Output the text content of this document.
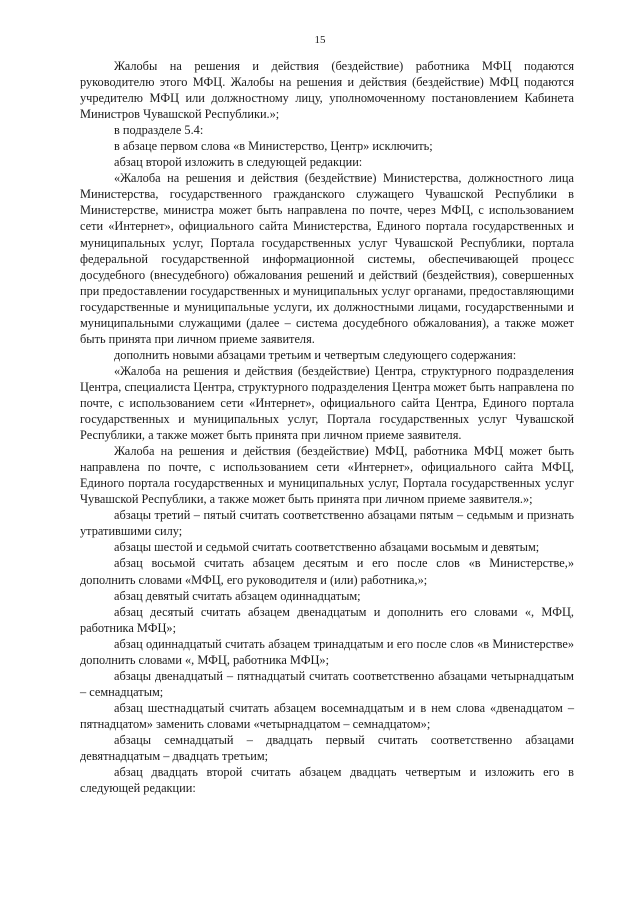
15

Жалобы на решения и действия (бездействие) работника МФЦ подаются руководителю этого МФЦ. Жалобы на решения и действия (бездействие) МФЦ подаются учредителю МФЦ или должностному лицу, уполномоченному постановлением Кабинета Министров Чувашской Республики.»;

в подразделе 5.4:

в абзаце первом слова «в Министерство, Центр» исключить;

абзац второй изложить в следующей редакции:

«Жалоба на решения и действия (бездействие) Министерства, должностного лица Министерства, государственного гражданского служащего Чувашской Республики в Министерстве, министра может быть направлена по почте, через МФЦ, с использованием сети «Интернет», официального сайта Министерства, Единого портала государственных и муниципальных услуг, Портала государственных услуг Чувашской Республики, портала федеральной государственной информационной системы, обеспечивающей процесс досудебного (внесудебного) обжалования решений и действий (бездействия), совершенных при предоставлении государственных и муниципальных услуг органами, предоставляющими государственные и муниципальные услуги, их должностными лицами, государственными и муниципальными служащими (далее – система досудебного обжалования), а также может быть принята при личном приеме заявителя.

дополнить новыми абзацами третьим и четвертым следующего содержания:

«Жалоба на решения и действия (бездействие) Центра, структурного подразделения Центра, специалиста Центра, структурного подразделения Центра может быть направлена по почте, с использованием сети «Интернет», официального сайта Центра, Единого портала государственных и муниципальных услуг, Портала государственных услуг Чувашской Республики, а также может быть принята при личном приеме заявителя.

Жалоба на решения и действия (бездействие) МФЦ, работника МФЦ может быть направлена по почте, с использованием сети «Интернет», официального сайта МФЦ, Единого портала государственных и муниципальных услуг, Портала государственных услуг Чувашской Республики, а также может быть принята при личном приеме заявителя.»;

абзацы третий – пятый считать соответственно абзацами пятым – седьмым и признать утратившими силу;

абзацы шестой и седьмой считать соответственно абзацами восьмым и девятым;

абзац восьмой считать абзацем десятым и его после слов «в Министерстве,» дополнить словами «МФЦ, его руководителя и (или) работника,»;

абзац девятый считать абзацем одиннадцатым;

абзац десятый считать абзацем двенадцатым и дополнить его словами «, МФЦ, работника МФЦ»;

абзац одиннадцатый считать абзацем тринадцатым и его после слов «в Министерстве» дополнить словами «, МФЦ, работника МФЦ»;

абзацы двенадцатый – пятнадцатый считать соответственно абзацами четырнадцатым – семнадцатым;

абзац шестнадцатый считать абзацем восемнадцатым и в нем слова «двенадцатом – пятнадцатом» заменить словами «четырнадцатом – семнадцатом»;

абзацы семнадцатый – двадцать первый считать соответственно абзацами девятнадцатым – двадцать третьим;

абзац двадцать второй считать абзацем двадцать четвертым и изложить его в следующей редакции:
